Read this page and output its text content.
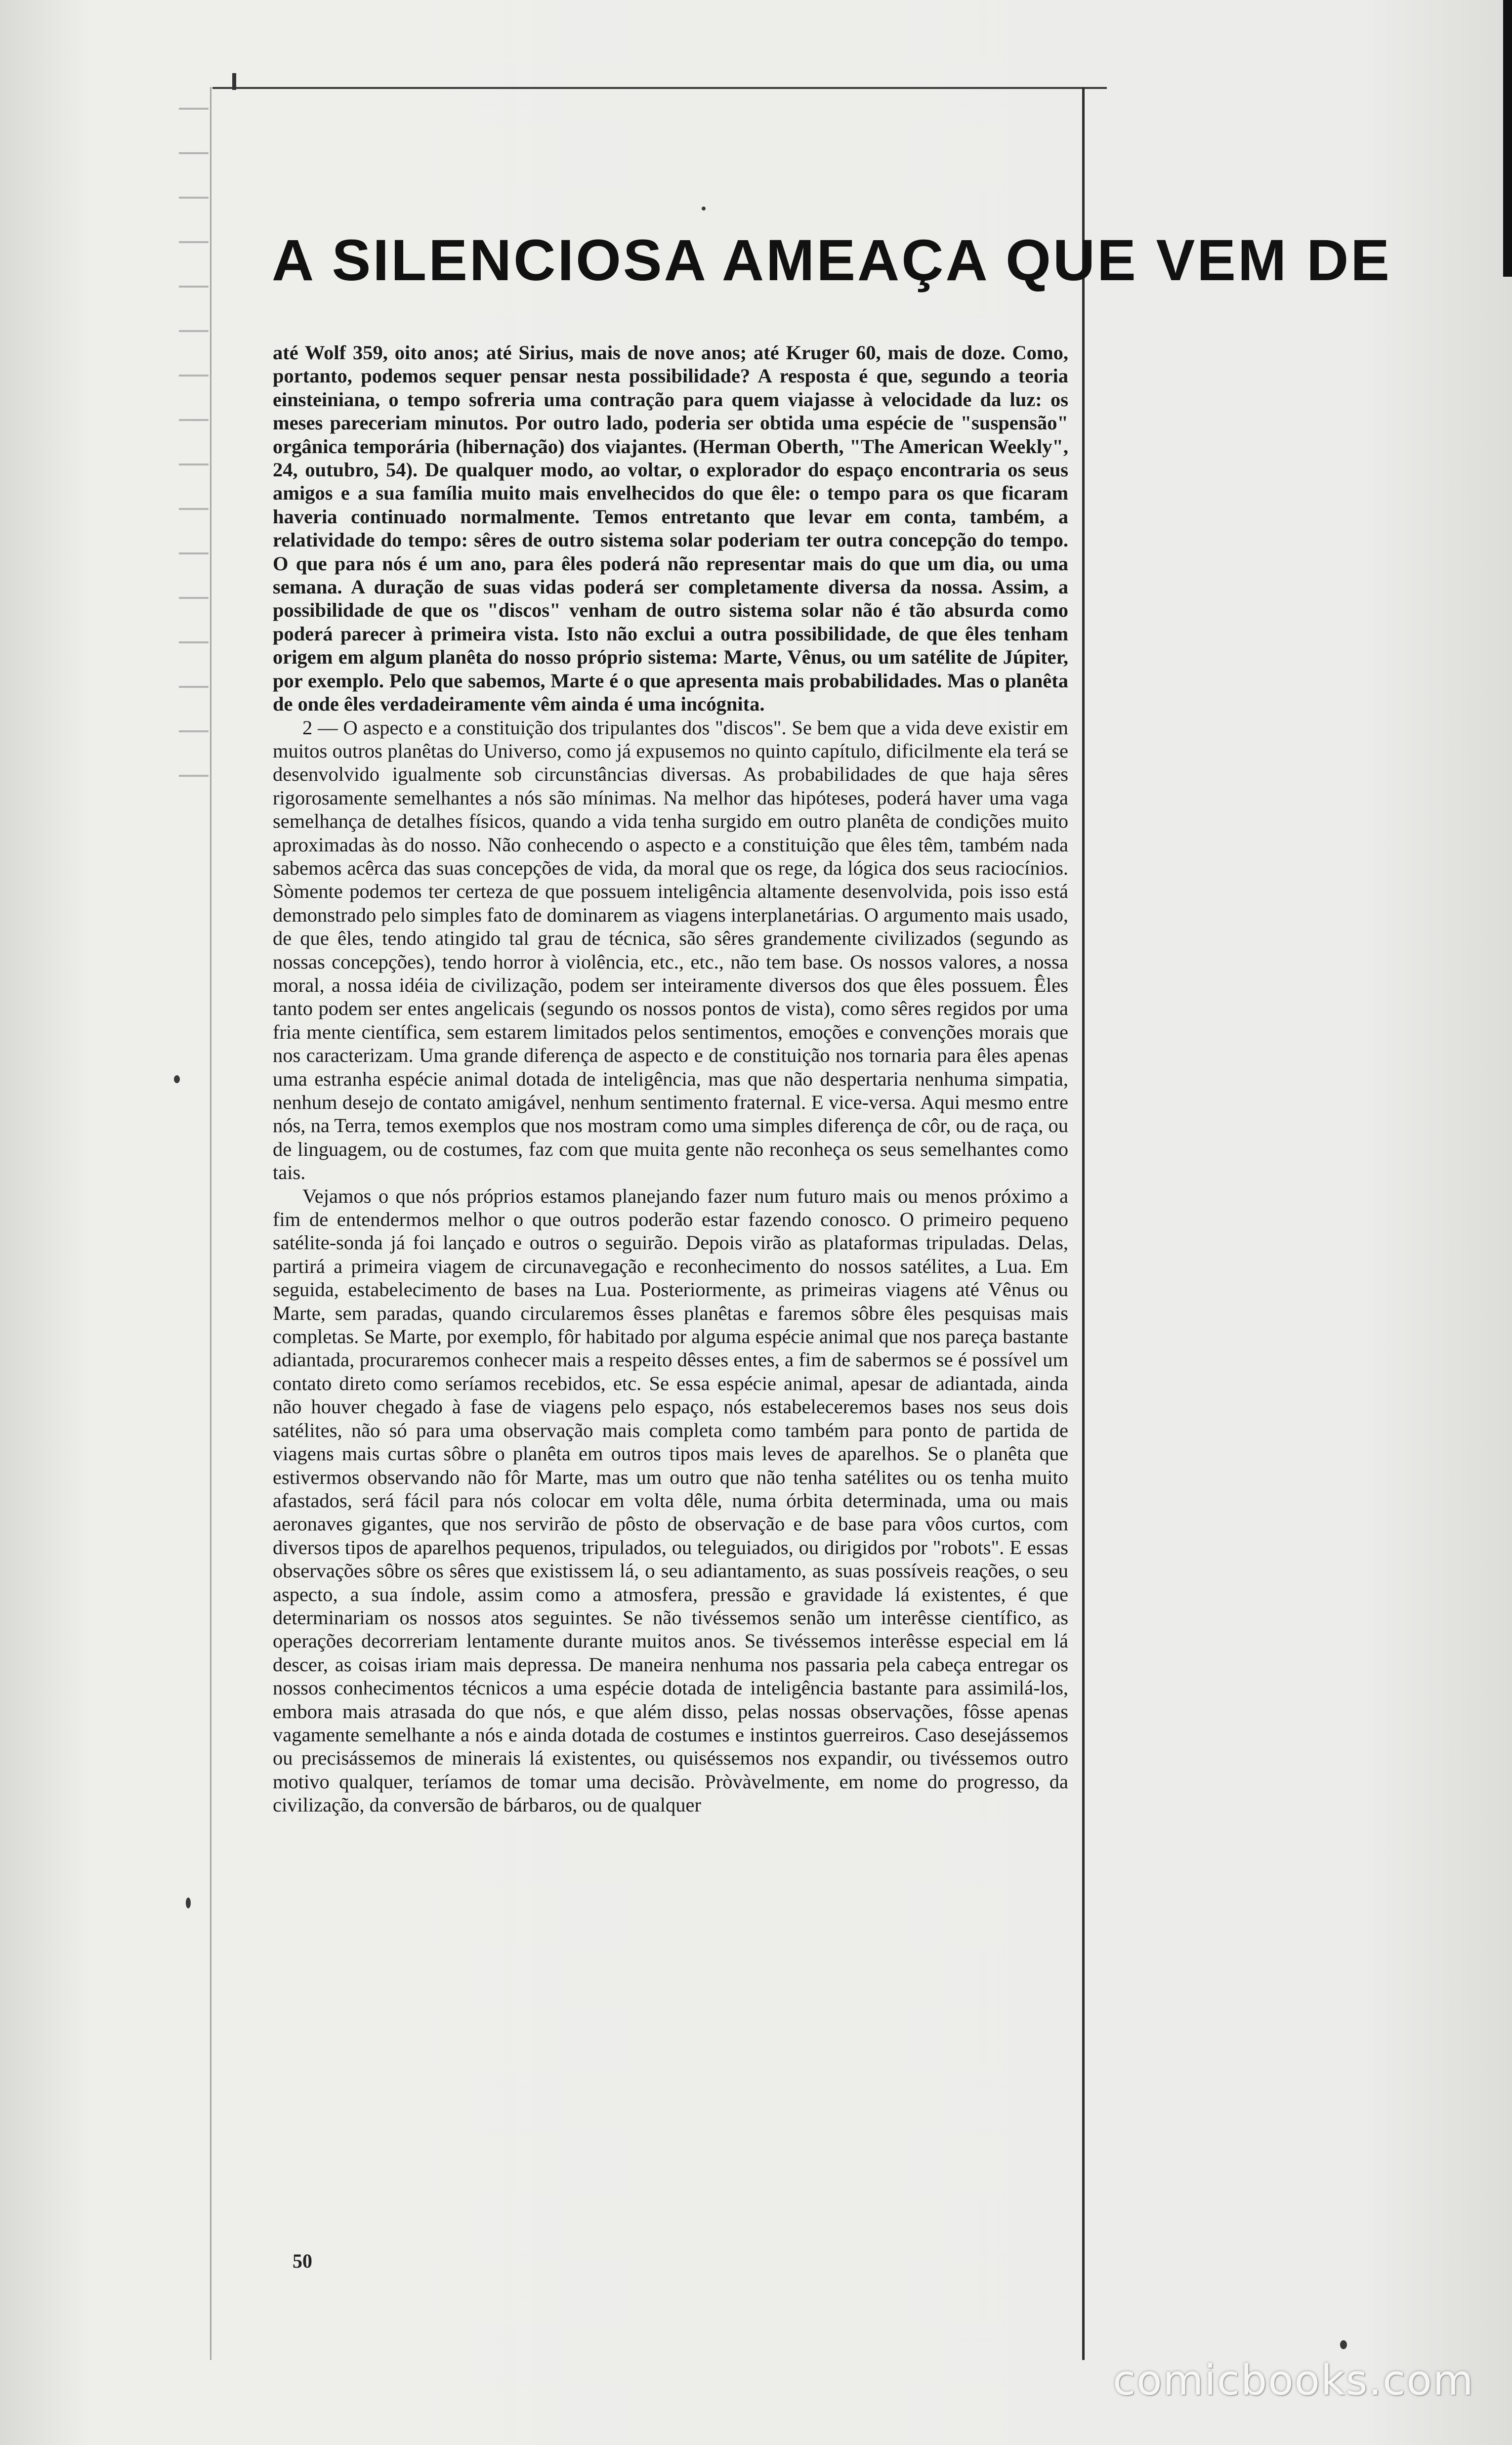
A SILENCIOSA AMEAÇA QUE VEM DE

até Wolf 359, oito anos; até Sirius, mais de nove anos; até Kruger 60, mais de doze. Como, portanto, podemos sequer pensar nesta possibilidade? A resposta é que, segundo a teoria einsteiniana, o tempo sofreria uma contração para quem viajasse à velocidade da luz: os meses pareceriam minutos. Por outro lado, poderia ser obtida uma espécie de "suspensão" orgânica temporária (hibernação) dos viajantes. (Herman Oberth, "The American Weekly", 24, outubro, 54). De qualquer modo, ao voltar, o explorador do espaço encontraria os seus amigos e a sua família muito mais envelhecidos do que êle: o tempo para os que ficaram haveria continuado normalmente. Temos entretanto que levar em conta, também, a relatividade do tempo: sêres de outro sistema solar poderiam ter outra concepção do tempo. O que para nós é um ano, para êles poderá não representar mais do que um dia, ou uma semana. A duração de suas vidas poderá ser completamente diversa da nossa. Assim, a possibilidade de que os "discos" venham de outro sistema solar não é tão absurda como poderá parecer à primeira vista. Isto não exclui a outra possibilidade, de que êles tenham origem em algum planêta do nosso próprio sistema: Marte, Vênus, ou um satélite de Júpiter, por exemplo. Pelo que sabemos, Marte é o que apresenta mais probabilidades. Mas o planêta de onde êles verdadeiramente vêm ainda é uma incógnita.

2 — O aspecto e a constituição dos tripulantes dos "discos". Se bem que a vida deve existir em muitos outros planêtas do Universo, como já expusemos no quinto capítulo, dificilmente ela terá se desenvolvido igualmente sob circunstâncias diversas. As probabilidades de que haja sêres rigorosamente semelhantes a nós são mínimas. Na melhor das hipóteses, poderá haver uma vaga semelhança de detalhes físicos, quando a vida tenha surgido em outro planêta de condições muito aproximadas às do nosso. Não conhecendo o aspecto e a constituição que êles têm, também nada sabemos acêrca das suas concepções de vida, da moral que os rege, da lógica dos seus raciocínios. Sòmente podemos ter certeza de que possuem inteligência altamente desenvolvida, pois isso está demonstrado pelo simples fato de dominarem as viagens interplanetárias. O argumento mais usado, de que êles, tendo atingido tal grau de técnica, são sêres grandemente civilizados (segundo as nossas concepções), tendo horror à violência, etc., etc., não tem base. Os nossos valores, a nossa moral, a nossa idéia de civilização, podem ser inteiramente diversos dos que êles possuem. Êles tanto podem ser entes angelicais (segundo os nossos pontos de vista), como sêres regidos por uma fria mente científica, sem estarem limitados pelos sentimentos, emoções e convenções morais que nos caracterizam. Uma grande diferença de aspecto e de constituição nos tornaria para êles apenas uma estranha espécie animal dotada de inteligência, mas que não despertaria nenhuma simpatia, nenhum desejo de contato amigável, nenhum sentimento fraternal. E vice-versa. Aqui mesmo entre nós, na Terra, temos exemplos que nos mostram como uma simples diferença de côr, ou de raça, ou de linguagem, ou de costumes, faz com que muita gente não reconheça os seus semelhantes como tais.

Vejamos o que nós próprios estamos planejando fazer num futuro mais ou menos próximo a fim de entendermos melhor o que outros poderão estar fazendo conosco. O primeiro pequeno satélite-sonda já foi lançado e outros o seguirão. Depois virão as plataformas tripuladas. Delas, partirá a primeira viagem de circunavegação e reconhecimento do nossos satélites, a Lua. Em seguida, estabelecimento de bases na Lua. Posteriormente, as primeiras viagens até Vênus ou Marte, sem paradas, quando circularemos êsses planêtas e faremos sôbre êles pesquisas mais completas. Se Marte, por exemplo, fôr habitado por alguma espécie animal que nos pareça bastante adiantada, procuraremos conhecer mais a respeito dêsses entes, a fim de sabermos se é possível um contato direto como seríamos recebidos, etc. Se essa espécie animal, apesar de adiantada, ainda não houver chegado à fase de viagens pelo espaço, nós estabeleceremos bases nos seus dois satélites, não só para uma observação mais completa como também para ponto de partida de viagens mais curtas sôbre o planêta em outros tipos mais leves de aparelhos. Se o planêta que estivermos observando não fôr Marte, mas um outro que não tenha satélites ou os tenha muito afastados, será fácil para nós colocar em volta dêle, numa órbita determinada, uma ou mais aeronaves gigantes, que nos servirão de pôsto de observação e de base para vôos curtos, com diversos tipos de aparelhos pequenos, tripulados, ou teleguiados, ou dirigidos por "robots". E essas observações sôbre os sêres que existissem lá, o seu adiantamento, as suas possíveis reações, o seu aspecto, a sua índole, assim como a atmosfera, pressão e gravidade lá existentes, é que determinariam os nossos atos seguintes. Se não tivéssemos senão um interêsse científico, as operações decorreriam lentamente durante muitos anos. Se tivéssemos interêsse especial em lá descer, as coisas iriam mais depressa. De maneira nenhuma nos passaria pela cabeça entregar os nossos conhecimentos técnicos a uma espécie dotada de inteligência bastante para assimilá-los, embora mais atrasada do que nós, e que além disso, pelas nossas observações, fôsse apenas vagamente semelhante a nós e ainda dotada de costumes e instintos guerreiros. Caso desejássemos ou precisássemos de minerais lá existentes, ou quiséssemos nos expandir, ou tivéssemos outro motivo qualquer, teríamos de tomar uma decisão. Pròvàvelmente, em nome do progresso, da civilização, da conversão de bárbaros, ou de qualquer

50
comicbooks.com
